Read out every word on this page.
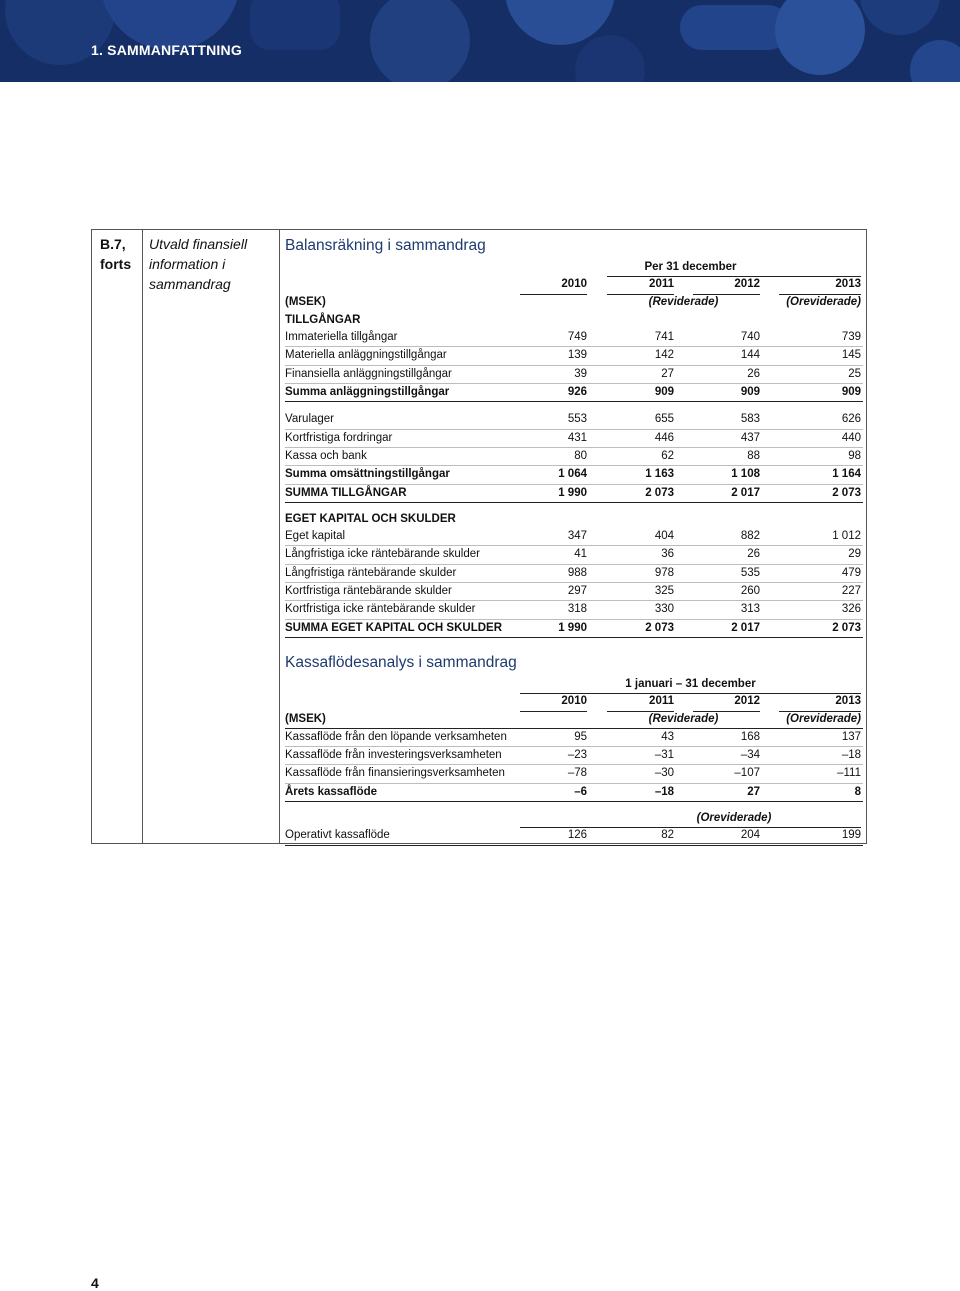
1. SAMMANFATTNING
B.7, forts
Utvald finansiell information i sammandrag
Balansräkning i sammandrag
Per 31 december
2010	2011	2012	2013
(MSEK)	(Reviderade)	(Oreviderade)
TILLGÅNGAR
Immateriella tillgångar	749	741	740	739
Materiella anläggningstillgångar	139	142	144	145
Finansiella anläggningstillgångar	39	27	26	25
Summa anläggningstillgångar	926	909	909	909
Varulager	553	655	583	626
Kortfristiga fordringar	431	446	437	440
Kassa och bank	80	62	88	98
Summa omsättningstillgångar	1 064	1 163	1 108	1 164
SUMMA TILLGÅNGAR	1 990	2 073	2 017	2 073
EGET KAPITAL OCH SKULDER
Eget kapital	347	404	882	1 012
Långfristiga icke räntebärande skulder	41	36	26	29
Långfristiga räntebärande skulder	988	978	535	479
Kortfristiga räntebärande skulder	297	325	260	227
Kortfristiga icke räntebärande skulder	318	330	313	326
SUMMA EGET KAPITAL OCH SKULDER	1 990	2 073	2 017	2 073
Kassaflödesanalys i sammandrag
1 januari – 31 december
2010	2011	2012	2013
(MSEK)	(Reviderade)	(Oreviderade)
Kassaflöde från den löpande verksamheten	95	43	168	137
Kassaflöde från investeringsverksamheten	–23	–31	–34	–18
Kassaflöde från finansieringsverksamheten	–78	–30	–107	–111
Årets kassaflöde	–6	–18	27	8
(Oreviderade)
Operativt kassaflöde	126	82	204	199
4
